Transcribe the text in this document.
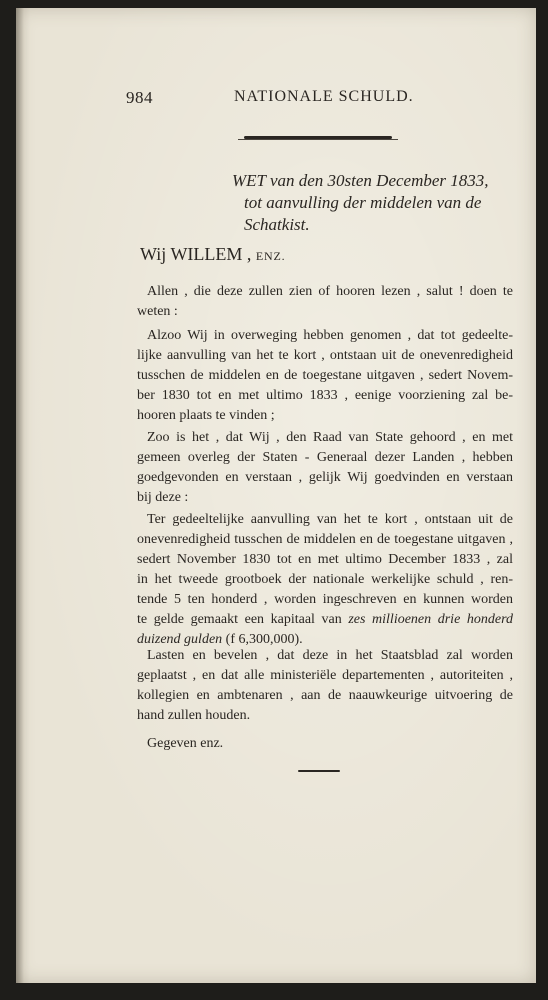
984	NATIONALE SCHULD.
WET van den 30sten December 1833,
tot aanvulling der middelen van de
Schatkist.
Wij WILLEM , ENZ.
Allen , die deze zullen zien of hooren lezen , salut ! doen te
weten :
Alzoo Wij in overweging hebben genomen , dat tot gedeelte-
lijke aanvulling van het te kort , ontstaan uit de onevenredigheid
tusschen de middelen en de toegestane uitgaven , sedert Novem-
ber 1830 tot en met ultimo 1833 , eenige voorziening zal be-
hooren plaats te vinden ;
Zoo is het , dat Wij , den Raad van State gehoord , en met
gemeen overleg der Staten - Generaal dezer Landen , hebben
goedgevonden en verstaan , gelijk Wij goedvinden en verstaan
bij deze :
Ter gedeeltelijke aanvulling van het te kort , ontstaan uit de
onevenredigheid tusschen de middelen en de toegestane uitgaven ,
sedert November 1830 tot en met ultimo December 1833 , zal
in het tweede grootboek der nationale werkelijke schuld , ren-
tende 5 ten honderd , worden ingeschreven en kunnen worden
te gelde gemaakt een kapitaal van zes millioenen drie honderd
duizend gulden (f 6,300,000).
Lasten en bevelen , dat deze in het Staatsblad zal worden
geplaatst , en dat alle ministeriële departementen , autoriteiten ,
kollegien en ambtenaren , aan de naauwkeurige uitvoering de
hand zullen houden.
Gegeven enz.
